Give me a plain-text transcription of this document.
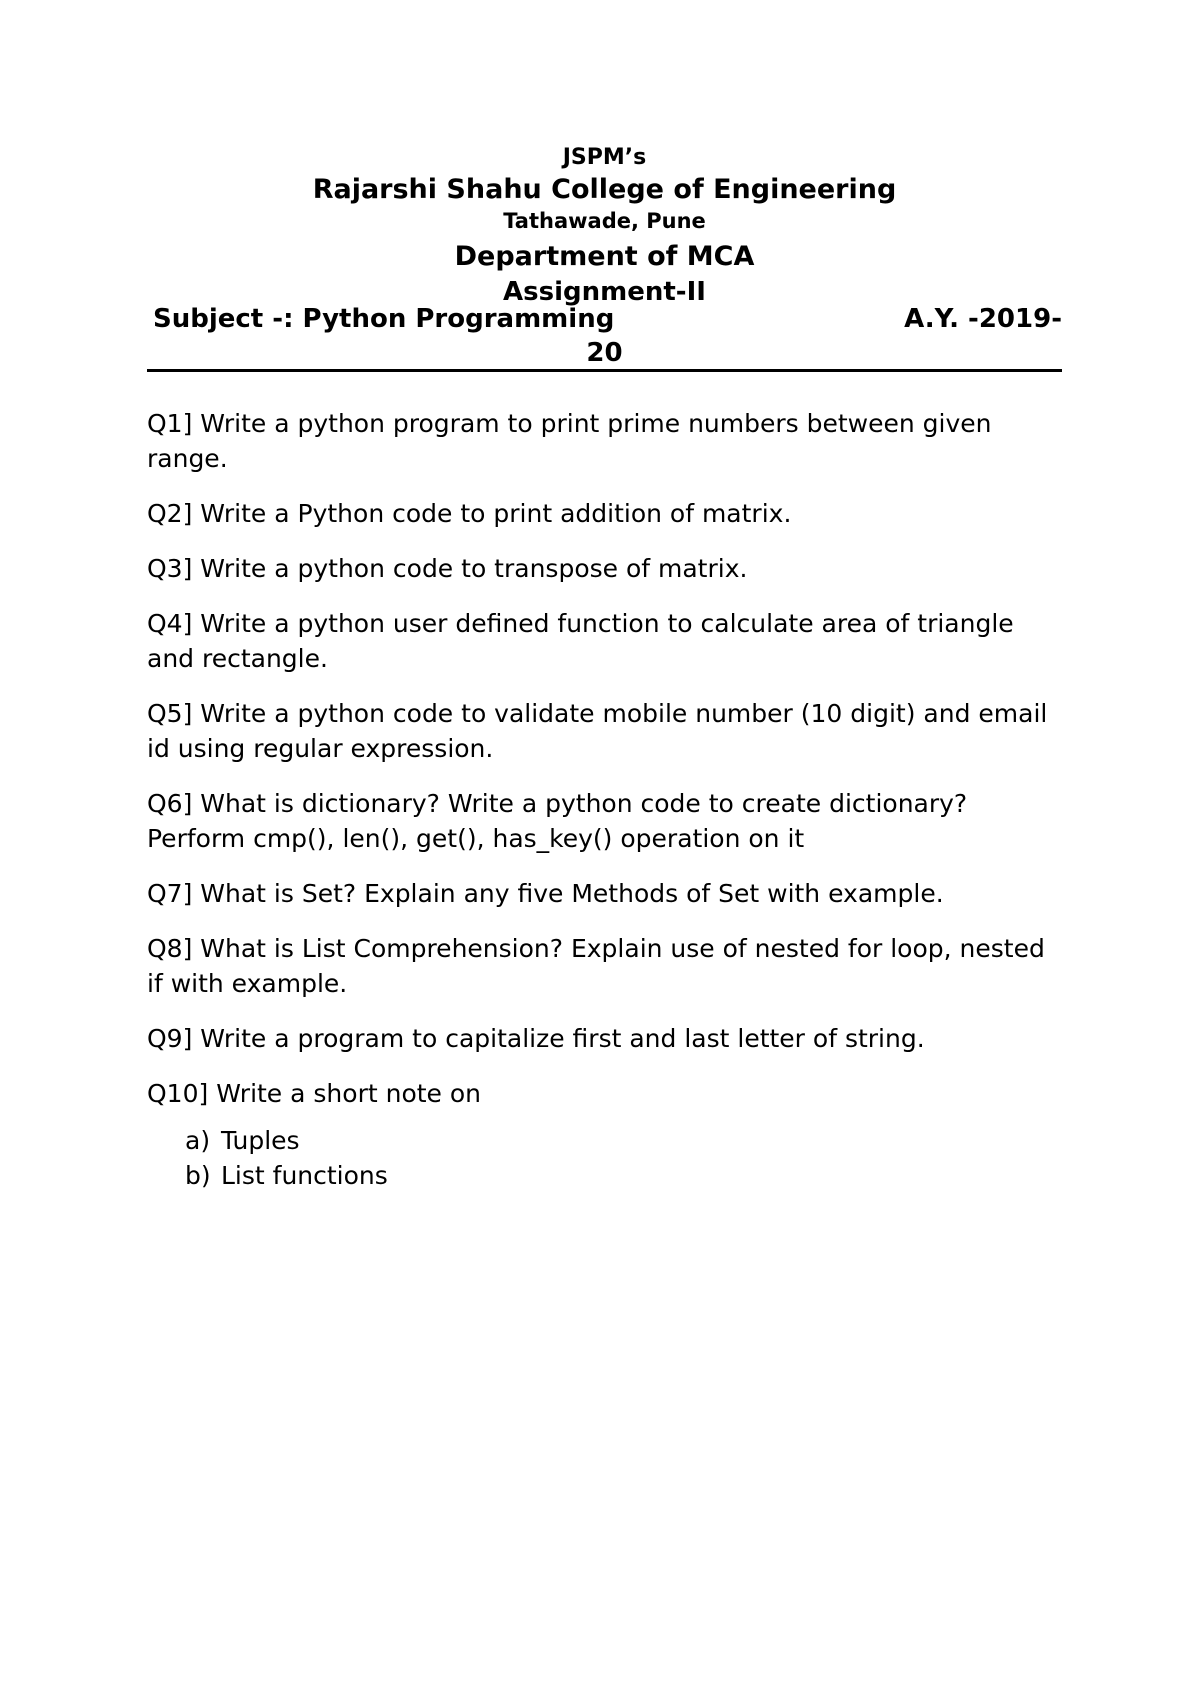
JSPM’s
Rajarshi Shahu College of Engineering
Tathawade, Pune
Department of MCA
Assignment-II
Subject -: Python Programming	A.Y. -2019-
20

Q1] Write a python program to print prime numbers between given range.

Q2] Write a Python code to print addition of matrix.

Q3] Write a python code to transpose of matrix.

Q4] Write a python user defined function to calculate area of triangle and rectangle.

Q5] Write a python code to validate mobile number (10 digit) and email id using regular expression.

Q6] What is dictionary? Write a python code to create dictionary? Perform cmp(), len(), get(), has_key() operation on it

Q7] What is Set? Explain any five Methods of Set with example.

Q8] What is List Comprehension? Explain use of nested for loop, nested if with example.

Q9] Write a program to capitalize first and last letter of string.

Q10] Write a short note on

a) Tuples
b) List functions
